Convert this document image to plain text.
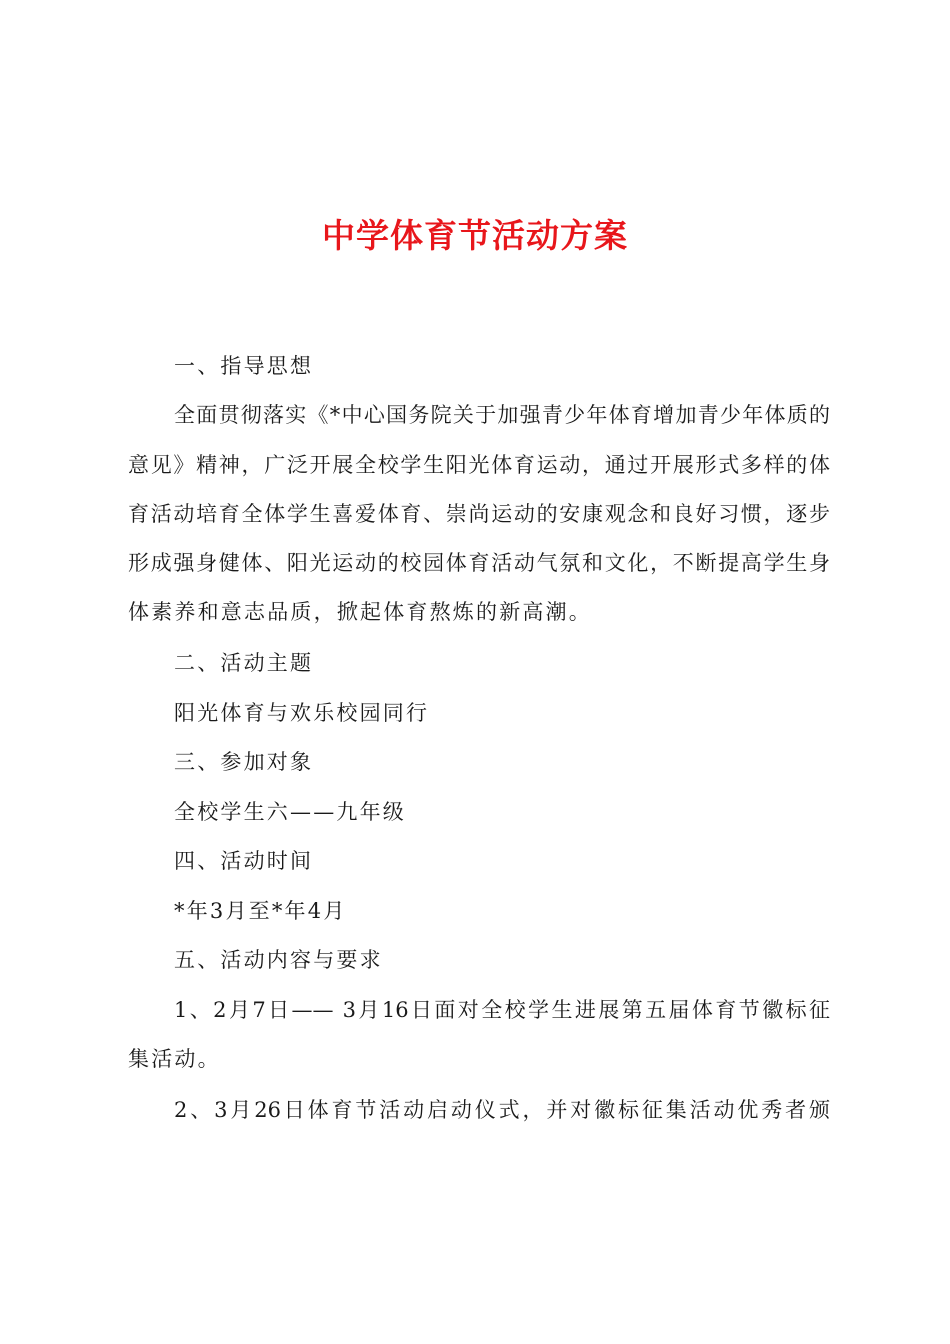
中学体育节活动方案
一、指导思想
全面贯彻落实《*中心国务院关于加强青少年体育增加青少年体质的
意见》精神，广泛开展全校学生阳光体育运动，通过开展形式多样的体
育活动培育全体学生喜爱体育、崇尚运动的安康观念和良好习惯，逐步
形成强身健体、阳光运动的校园体育活动气氛和文化，不断提高学生身
体素养和意志品质，掀起体育熬炼的新高潮。
二、活动主题
阳光体育与欢乐校园同行
三、参加对象
全校学生六——九年级
四、活动时间
*年3月至*年4月
五、活动内容与要求
1、2月7日—— 3月16日面对全校学生进展第五届体育节徽标征
集活动。
2、3月26日体育节活动启动仪式，并对徽标征集活动优秀者颁
